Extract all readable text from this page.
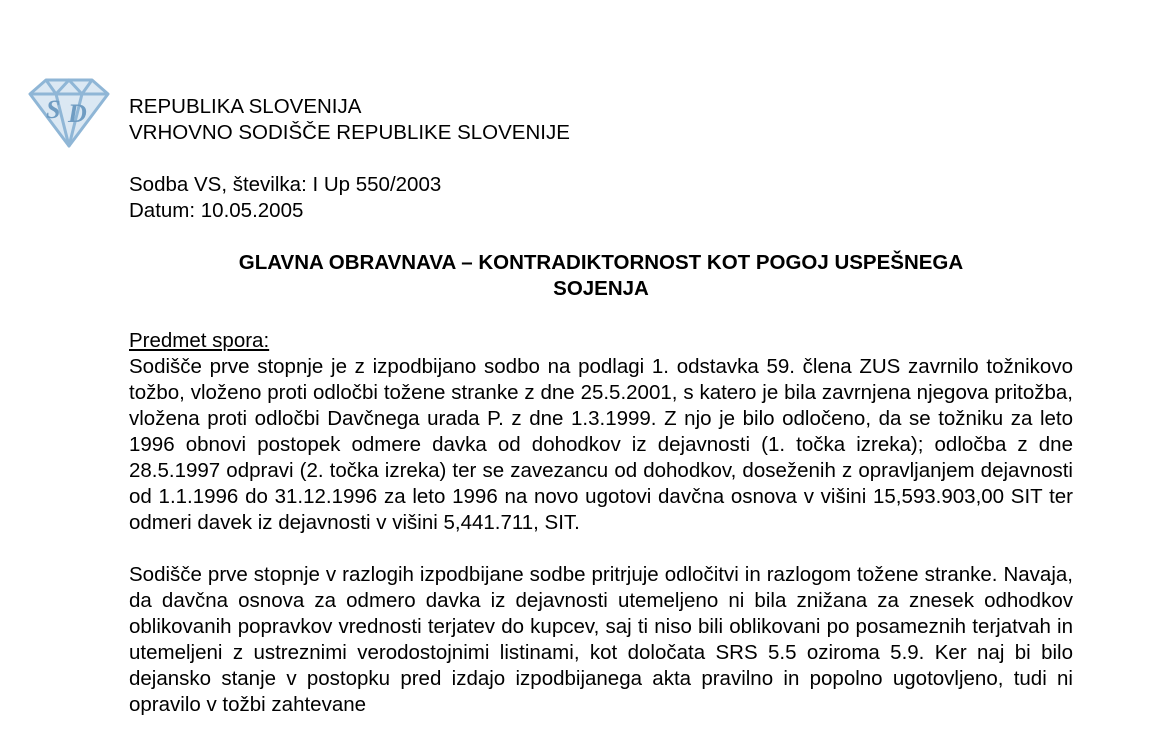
S D REPUBLIKA SLOVENIJA
VRHOVNO SODIŠČE REPUBLIKE SLOVENIJE
Sodba VS, številka: I Up 550/2003
Datum: 10.05.2005
GLAVNA OBRAVNAVA – KONTRADIKTORNOST KOT POGOJ USPEŠNEGA
SOJENJA
Predmet spora:

Sodišče prve stopnje je z izpodbijano sodbo na podlagi 1. odstavka 59. člena ZUS zavrnilo tožnikovo tožbo, vloženo proti odločbi tožene stranke z dne 25.5.2001, s katero je bila zavrnjena njegova pritožba, vložena proti odločbi Davčnega urada P. z dne 1.3.1999. Z njo je bilo odločeno, da se tožniku za leto 1996 obnovi postopek odmere davka od dohodkov iz dejavnosti (1. točka izreka); odločba z dne 28.5.1997 odpravi (2. točka izreka) ter se zavezancu od dohodkov, doseženih z opravljanjem dejavnosti od 1.1.1996 do 31.12.1996 za leto 1996 na novo ugotovi davčna osnova v višini 15,593.903,00 SIT ter odmeri davek iz dejavnosti v višini 5,441.711, SIT.

Sodišče prve stopnje v razlogih izpodbijane sodbe pritrjuje odločitvi in razlogom tožene stranke. Navaja, da davčna osnova za odmero davka iz dejavnosti utemeljeno ni bila znižana za znesek odhodkov oblikovanih popravkov vrednosti terjatev do kupcev, saj ti niso bili oblikovani po posameznih terjatvah in utemeljeni z ustreznimi verodostojnimi listinami, kot določata SRS 5.5 oziroma 5.9. Ker naj bi bilo dejansko stanje v postopku pred izdajo izpodbijanega akta pravilno in popolno ugotovljeno, tudi ni opravilo v tožbi zahtevane
